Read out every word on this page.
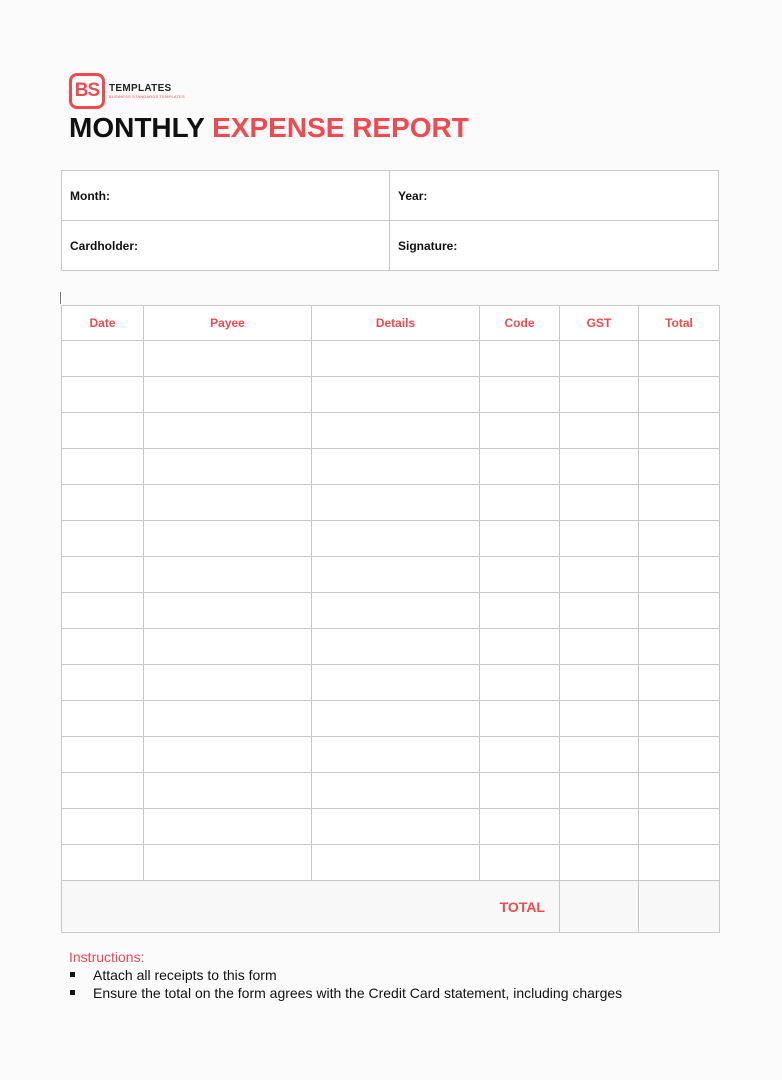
BS TEMPLATES
BUSINESS STANDARDS TEMPLATES
MONTHLY EXPENSE REPORT
Month:	Year:
Cardholder:	Signature:
Date	Payee	Details	Code	GST	Total

TOTAL					
Instructions:
Attach all receipts to this form
Ensure the total on the form agrees with the Credit Card statement, including charges
